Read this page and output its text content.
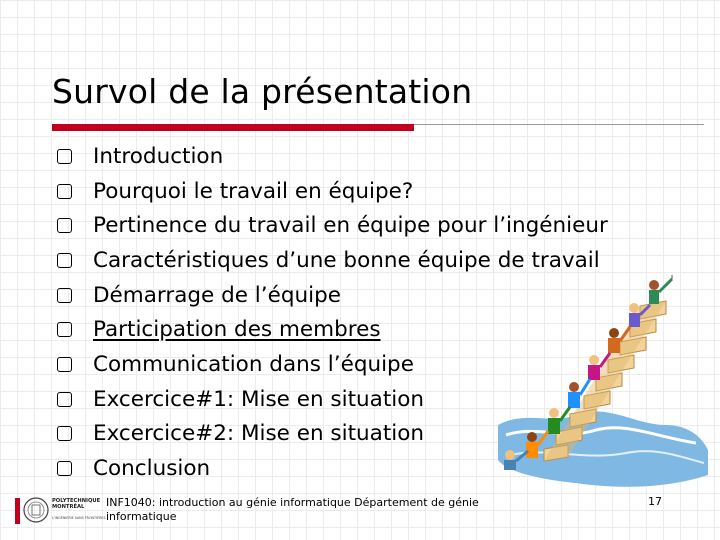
Survol de la présentation
Introduction
Pourquoi le travail en équipe?
Pertinence du travail en équipe pour l’ingénieur
Caractéristiques d’une bonne équipe de travail
Démarrage de l’équipe
Participation des membres
Communication dans l’équipe
Excercice#1: Mise en situation
Excercice#2: Mise en situation
Conclusion
POLYTECHNIQUE
MONTRÉAL
L'INGÉNIERIE SANS FRONTIÈRES
INF1040: introduction au génie informatique Département de génie informatique
17
